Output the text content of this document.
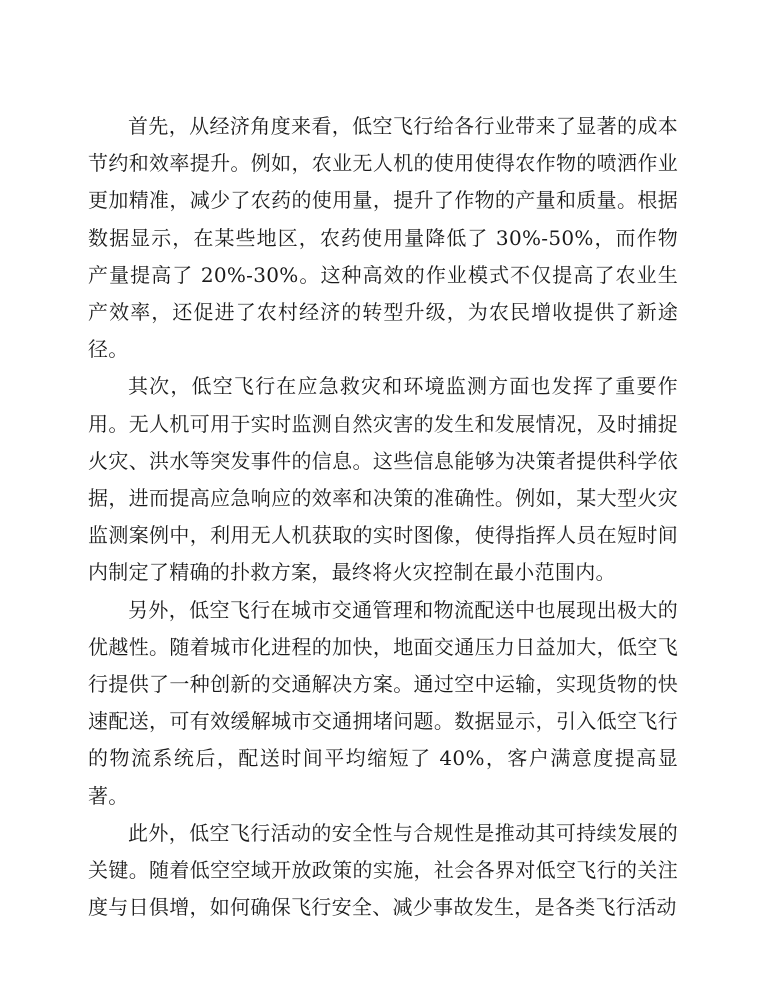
首先，从经济角度来看，低空飞行给各行业带来了显著的成本节约和效率提升。例如，农业无人机的使用使得农作物的喷洒作业更加精准，减少了农药的使用量，提升了作物的产量和质量。根据数据显示，在某些地区，农药使用量降低了 30%-50%，而作物产量提高了 20%-30%。这种高效的作业模式不仅提高了农业生产效率，还促进了农村经济的转型升级，为农民增收提供了新途径。

其次，低空飞行在应急救灾和环境监测方面也发挥了重要作用。无人机可用于实时监测自然灾害的发生和发展情况，及时捕捉火灾、洪水等突发事件的信息。这些信息能够为决策者提供科学依据，进而提高应急响应的效率和决策的准确性。例如，某大型火灾监测案例中，利用无人机获取的实时图像，使得指挥人员在短时间内制定了精确的扑救方案，最终将火灾控制在最小范围内。

另外，低空飞行在城市交通管理和物流配送中也展现出极大的优越性。随着城市化进程的加快，地面交通压力日益加大，低空飞行提供了一种创新的交通解决方案。通过空中运输，实现货物的快速配送，可有效缓解城市交通拥堵问题。数据显示，引入低空飞行的物流系统后，配送时间平均缩短了 40%，客户满意度提高显著。

此外，低空飞行活动的安全性与合规性是推动其可持续发展的关键。随着低空空域开放政策的实施，社会各界对低空飞行的关注度与日俱增，如何确保飞行安全、减少事故发生，是各类飞行活动
